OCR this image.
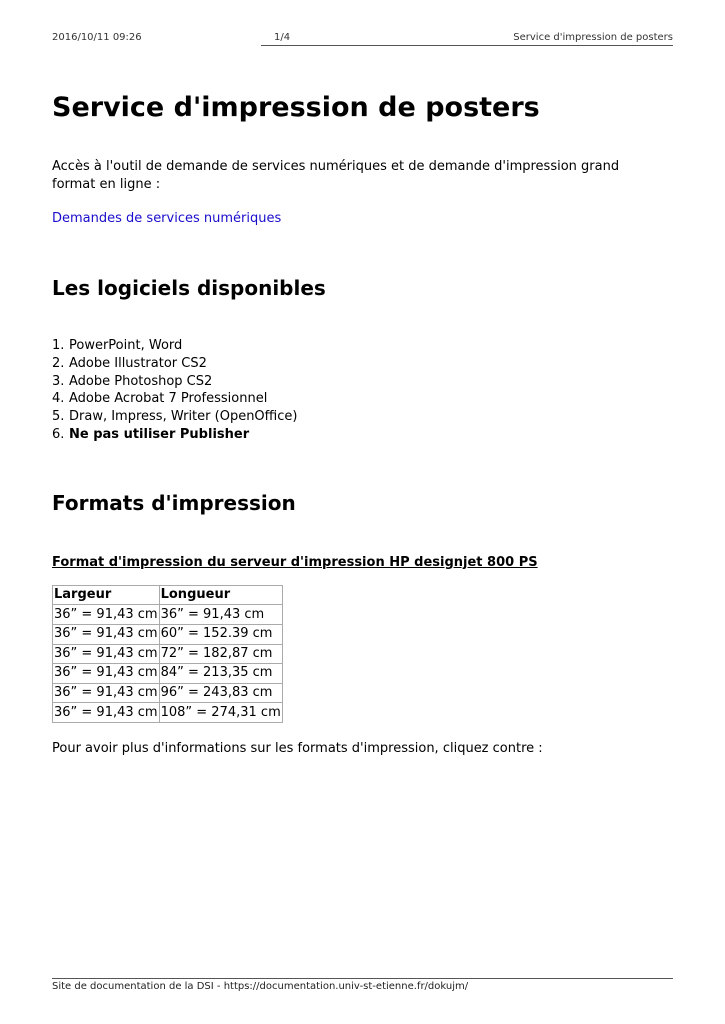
2016/10/11 09:26	1/4	Service d'impression de posters
Service d'impression de posters

Accès à l'outil de demande de services numériques et de demande d'impression grand format en ligne :

Demandes de services numériques

Les logiciels disponibles
1. PowerPoint, Word
2. Adobe Illustrator CS2
3. Adobe Photoshop CS2
4. Adobe Acrobat 7 Professionnel
5. Draw, Impress, Writer (OpenOffice)
6. Ne pas utiliser Publisher
Formats d'impression
Format d'impression du serveur d'impression HP designjet 800 PS
Largeur	Longueur
36” = 91,43 cm	36” = 91,43 cm
36” = 91,43 cm	60” = 152.39 cm
36” = 91,43 cm	72” = 182,87 cm
36” = 91,43 cm	84” = 213,35 cm
36” = 91,43 cm	96” = 243,83 cm
36” = 91,43 cm	108” = 274,31 cm

Pour avoir plus d'informations sur les formats d'impression, cliquez contre :

Site de documentation de la DSI - https://documentation.univ-st-etienne.fr/dokujm/
